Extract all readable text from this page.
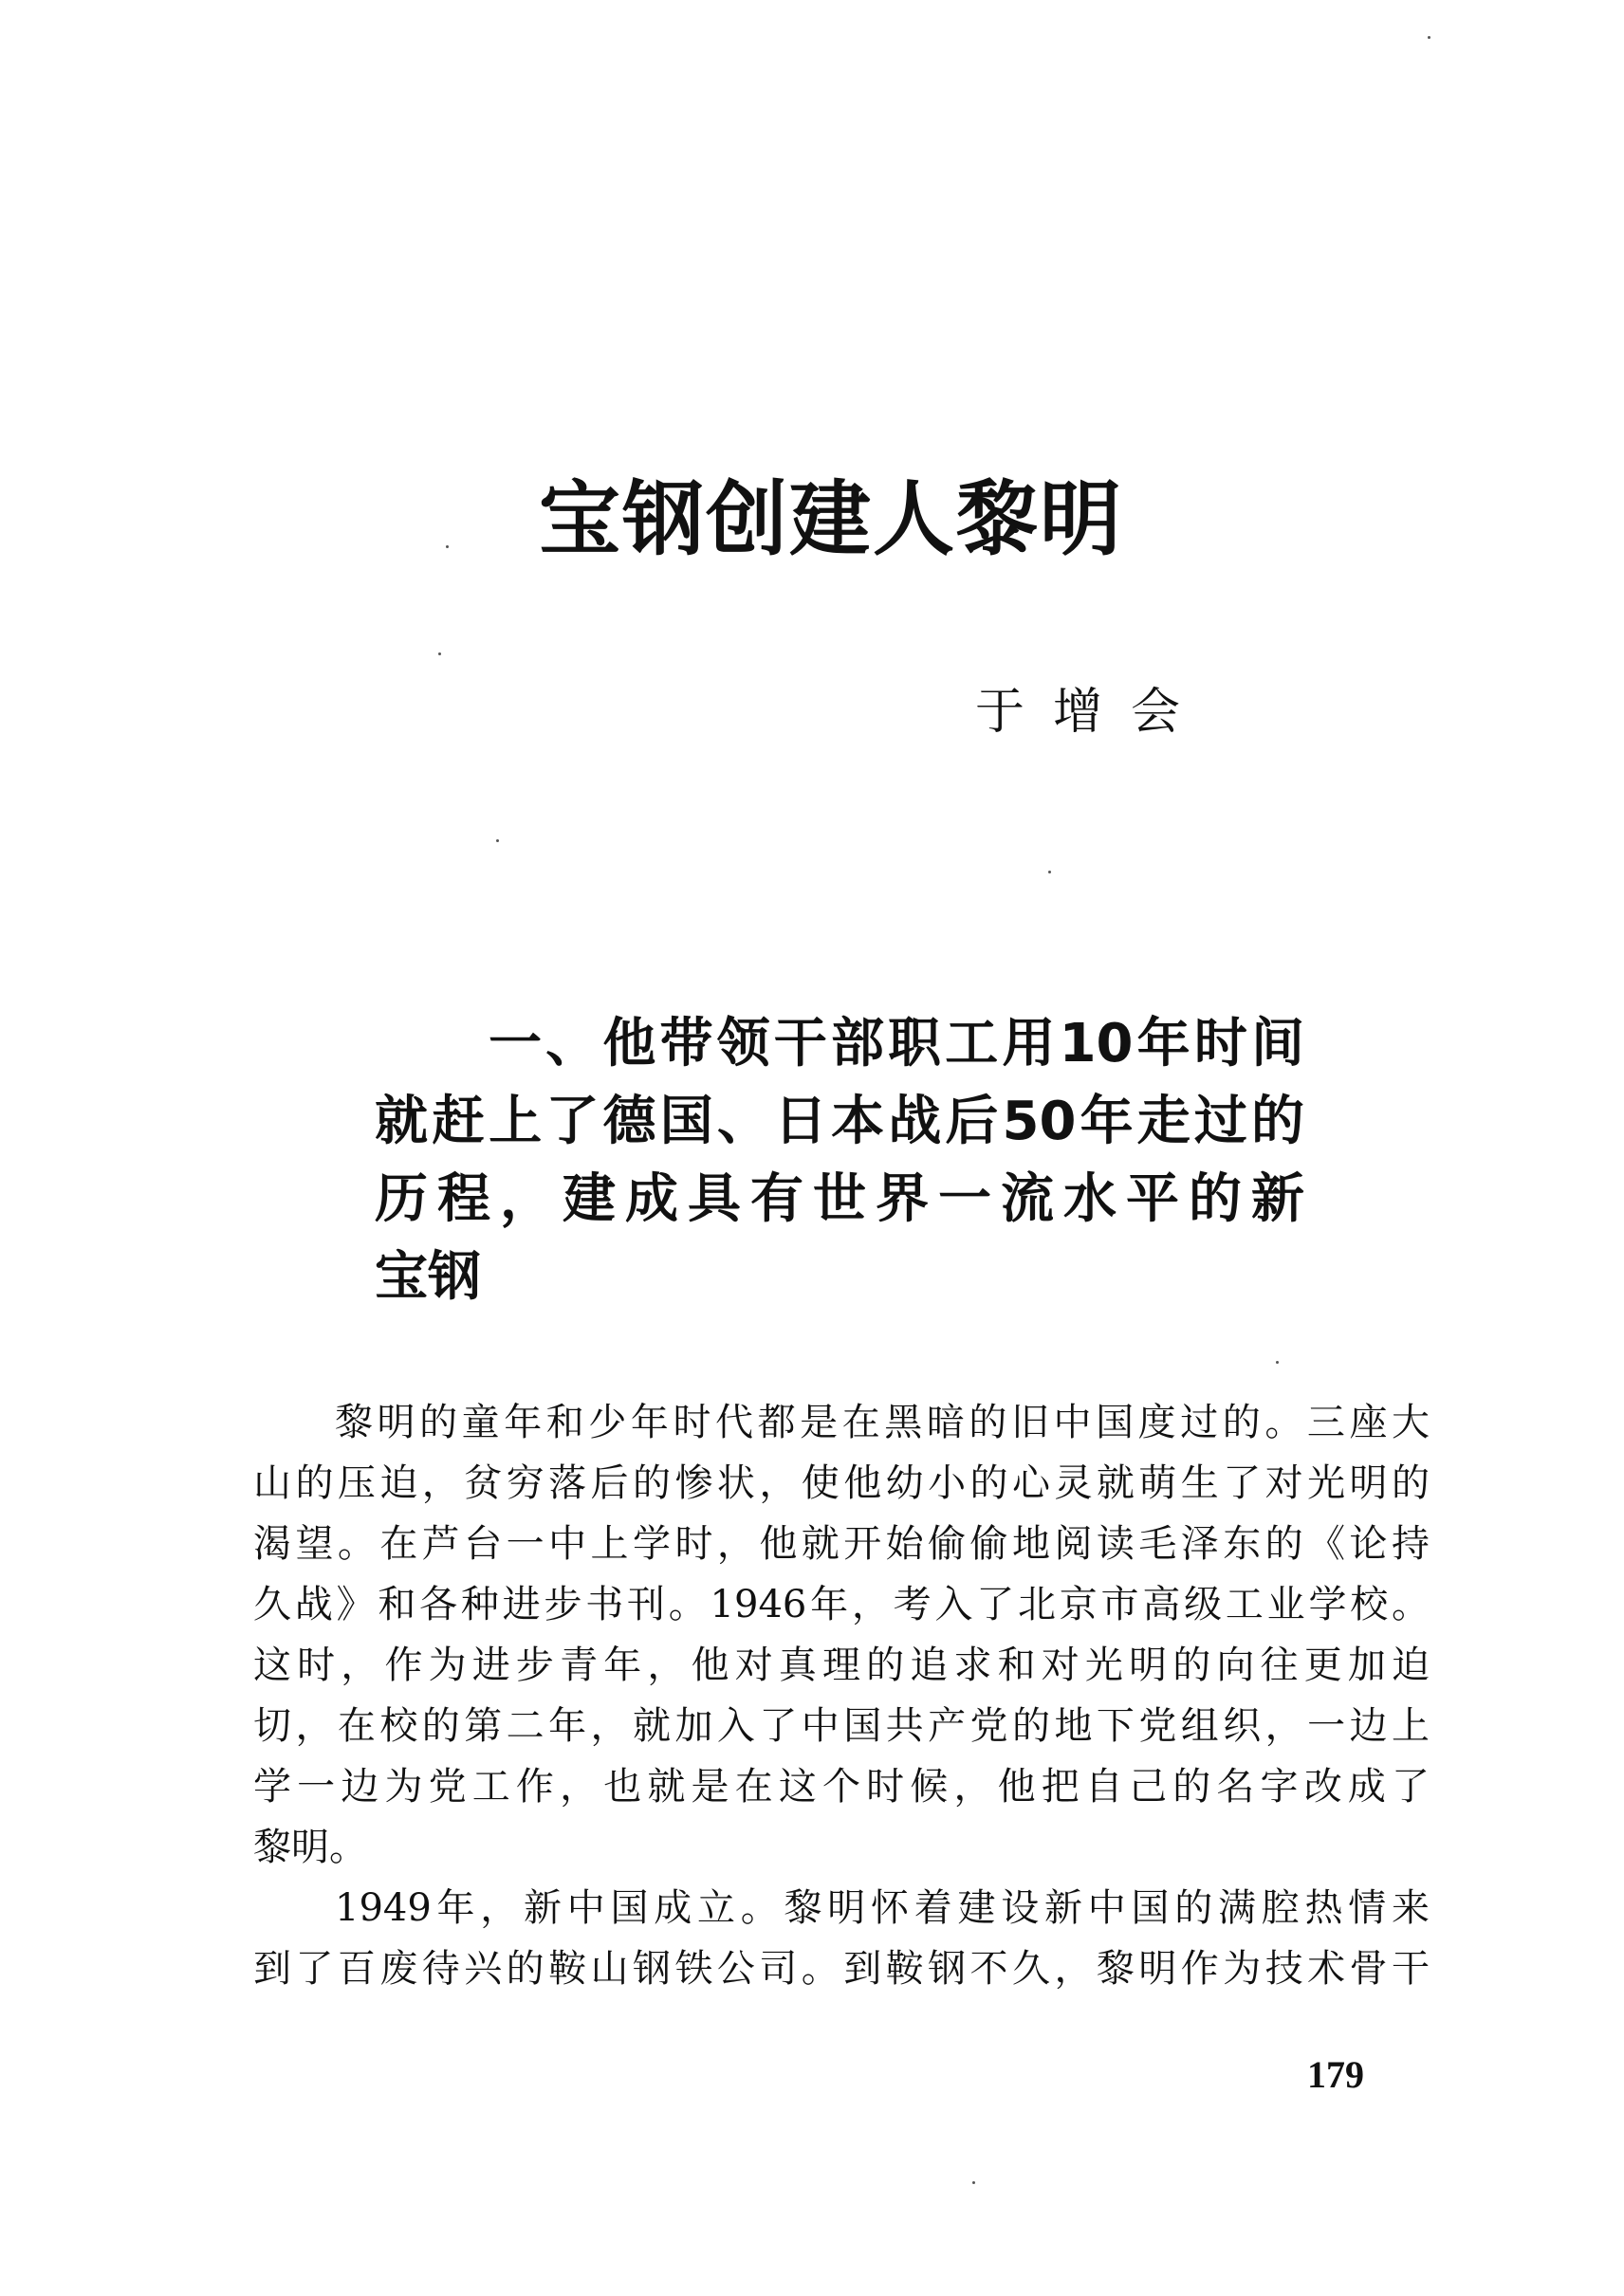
宝钢创建人黎明
于增会
一、他带领干部职工用10年时间
就赶上了德国、日本战后50年走过的
历程，建成具有世界一流水平的新
宝钢
黎明的童年和少年时代都是在黑暗的旧中国度过的。三座大
山的压迫，贫穷落后的惨状，使他幼小的心灵就萌生了对光明的
渴望。在芦台一中上学时，他就开始偷偷地阅读毛泽东的《论持
久战》和各种进步书刊。1946年，考入了北京市高级工业学校。
这时，作为进步青年，他对真理的追求和对光明的向往更加迫
切，在校的第二年，就加入了中国共产党的地下党组织，一边上
学一边为党工作，也就是在这个时候，他把自己的名字改成了
黎明。
1949年，新中国成立。黎明怀着建设新中国的满腔热情来
到了百废待兴的鞍山钢铁公司。到鞍钢不久，黎明作为技术骨干
179
